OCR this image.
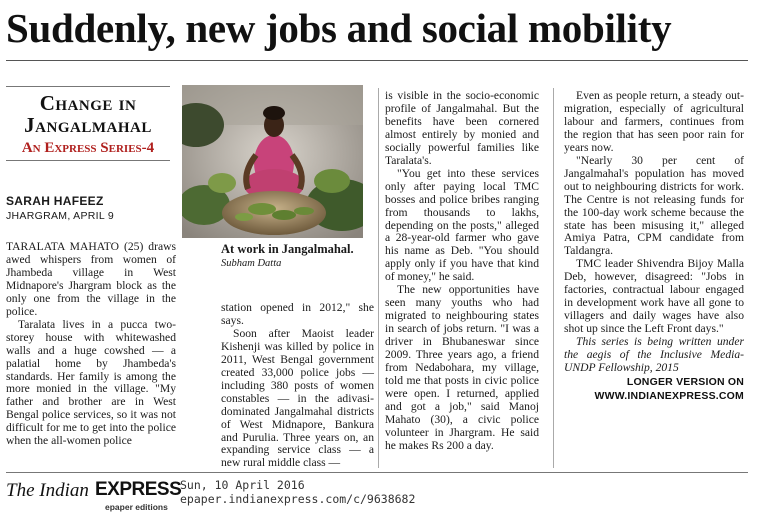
Suddenly, new jobs and social mobility
Change in
Jangalmahal
An Express Series-4
SARAH HAFEEZ
JHARGRAM, APRIL 9
At work in Jangalmahal.
Subham Datta

TARALATA MAHATO (25) draws awed whispers from women of Jhambeda village in West Midnapore's Jhargram block as the only one from the village in the police.

Taralata lives in a pucca two-storey house with whitewashed walls and a huge cowshed — a palatial home by Jhambeda's standards. Her family is among the more monied in the village. "My father and brother are in West Bengal police services, so it was not difficult for me to get into the police when the all-women police

station opened in 2012," she says.

Soon after Maoist leader Kishenji was killed by police in 2011, West Bengal government created 33,000 police jobs — including 380 posts of women constables — in the adivasi-dominated Jangalmahal districts of West Midnapore, Bankura and Purulia. Three years on, an expanding service class — a new rural middle class —

is visible in the socio-economic profile of Jangalmahal. But the benefits have been cornered almost entirely by monied and socially powerful families like Taralata's.

"You get into these services only after paying local TMC bosses and police bribes ranging from thousands to lakhs, depending on the posts," alleged a 28-year-old farmer who gave his name as Deb. "You should apply only if you have that kind of money," he said.

The new opportunities have seen many youths who had migrated to neighbouring states in search of jobs return. "I was a driver in Bhubaneswar since 2009. Three years ago, a friend from Nedabohara, my village, told me that posts in civic police were open. I returned, applied and got a job," said Manoj Mahato (30), a civic police volunteer in Jhargram. He said he makes Rs 200 a day.

Even as people return, a steady out-migration, especially of agricultural labour and farmers, continues from the region that has seen poor rain for years now.

"Nearly 30 per cent of Jangalmahal's population has moved out to neighbouring districts for work. The Centre is not releasing funds for the 100-day work scheme because the state has been misusing it," alleged Amiya Patra, CPM candidate from Taldangra.

TMC leader Shivendra Bijoy Malla Deb, however, disagreed: "Jobs in factories, contractual labour engaged in development work have all gone to villagers and daily wages have also shot up since the Left Front days."

This series is being written under the aegis of the Inclusive Media-UNDP Fellowship, 2015

LONGER VERSION ON
WWW.INDIANEXPRESS.COM
The Indian EXPRESS
epaper editions
Sun, 10 April 2016
epaper.indianexpress.com/c/9638682
